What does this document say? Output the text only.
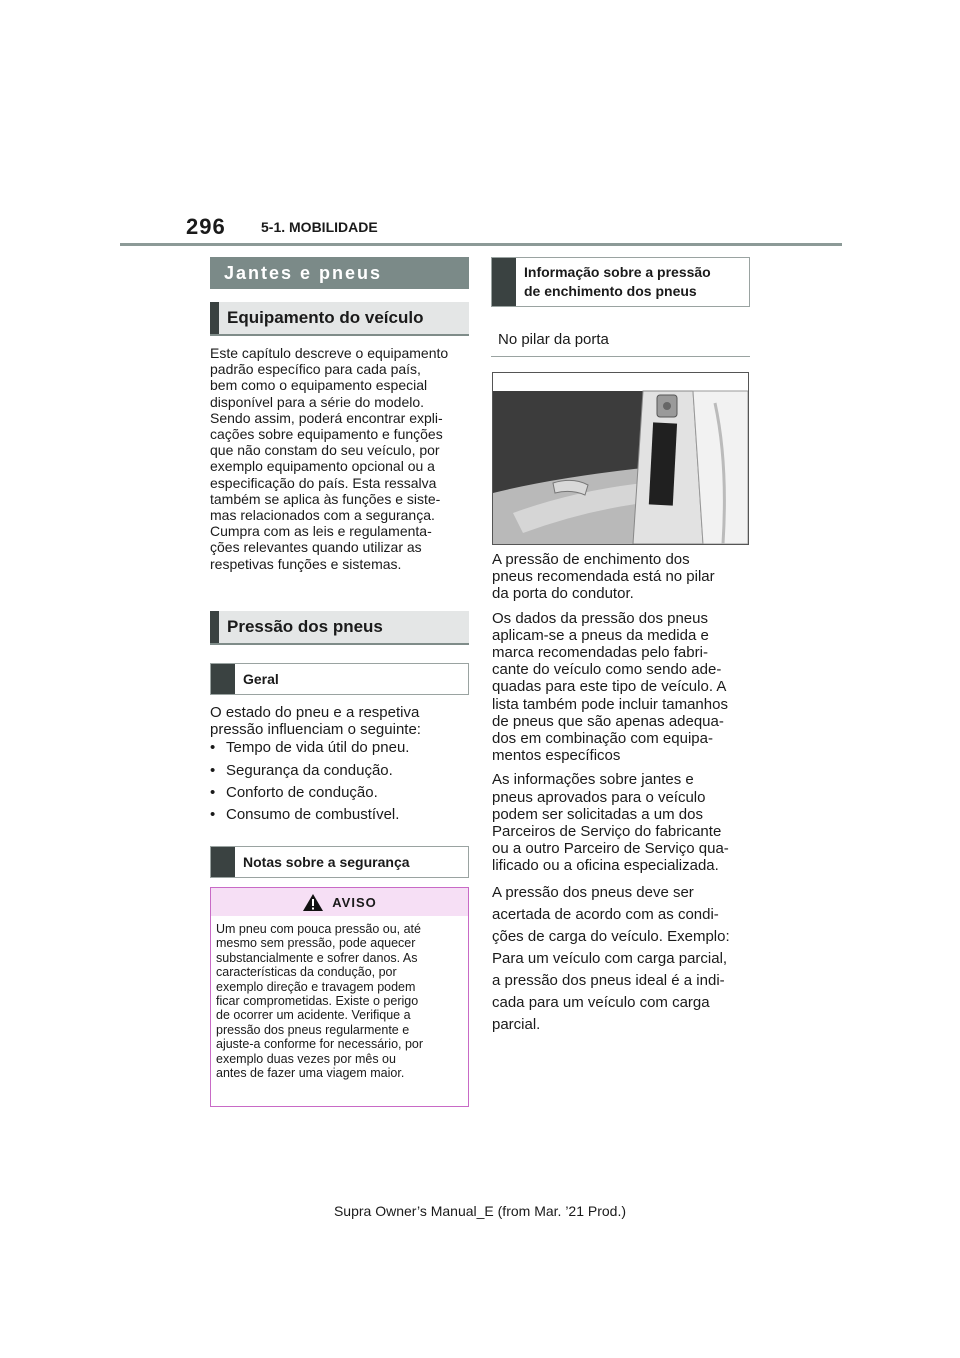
296	5-1. MOBILIDADE
Jantes e pneus
Equipamento do veículo
Este capítulo descreve o equipamento
padrão específico para cada país,
bem como o equipamento especial
disponível para a série do modelo.
Sendo assim, poderá encontrar expli-
cações sobre equipamento e funções
que não constam do seu veículo, por
exemplo equipamento opcional ou a
especificação do país. Esta ressalva
também se aplica às funções e siste-
mas relacionados com a segurança.
Cumpra com as leis e regulamenta-
ções relevantes quando utilizar as
respetivas funções e sistemas.
Pressão dos pneus
Geral
O estado do pneu e a respetiva
pressão influenciam o seguinte:
• Tempo de vida útil do pneu.
• Segurança da condução.
• Conforto de condução.
• Consumo de combustível.
Notas sobre a segurança
AVISO
Um pneu com pouca pressão ou, até
mesmo sem pressão, pode aquecer
substancialmente e sofrer danos. As
características da condução, por
exemplo direção e travagem podem
ficar comprometidas. Existe o perigo
de ocorrer um acidente. Verifique a
pressão dos pneus regularmente e
ajuste-a conforme for necessário, por
exemplo duas vezes por mês ou
antes de fazer uma viagem maior.
Informação sobre a pressão
de enchimento dos pneus
No pilar da porta
A pressão de enchimento dos
pneus recomendada está no pilar
da porta do condutor.
Os dados da pressão dos pneus
aplicam-se a pneus da medida e
marca recomendadas pelo fabri-
cante do veículo como sendo ade-
quadas para este tipo de veículo. A
lista também pode incluir tamanhos
de pneus que são apenas adequa-
dos em combinação com equipa-
mentos específicos
As informações sobre jantes e
pneus aprovados para o veículo
podem ser solicitadas a um dos
Parceiros de Serviço do fabricante
ou a outro Parceiro de Serviço qua-
lificado ou a oficina especializada.
A pressão dos pneus deve ser
acertada de acordo com as condi-
ções de carga do veículo. Exemplo:
Para um veículo com carga parcial,
a pressão dos pneus ideal é a indi-
cada para um veículo com carga
parcial.
Supra Owner’s Manual_E (from Mar. ’21 Prod.)
